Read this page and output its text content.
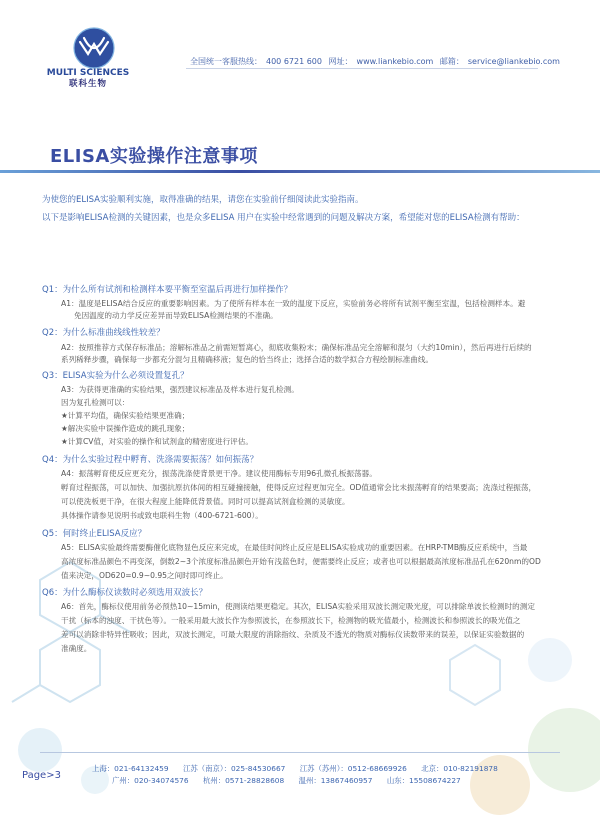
MULTI SCIENCES
联科生物
全国统一客服热线： 400 6721 600 网址： www.liankebio.com 邮箱： service@liankebio.com
ELISA实验操作注意事项
为使您的ELISA实验顺利实施，取得准确的结果，请您在实验前仔细阅读此实验指南。
以下是影响ELISA检测的关键因素，也是众多ELISA 用户在实验中经常遇到的问题及解决方案，希望能对您的ELISA检测有帮助：
Q1：为什么所有试剂和检测样本要平衡至室温后再进行加样操作？
A1：温度是ELISA结合反应的重要影响因素。为了使所有样本在一致的温度下反应，实验前务必将所有试剂平衡至室温，包括检测样本。避
免因温度的动力学反应差异而导致ELISA检测结果的不准确。
Q2：为什么标准曲线线性较差？
A2：按照推荐方式保存标准品；溶解标准品之前需短暂离心，彻底收集粉末；确保标准品完全溶解和混匀（大约10min），然后再进行后续的
系列稀释步骤，确保每一步都充分混匀且精确移液；复色的恰当终止；选择合适的数学拟合方程绘制标准曲线。
Q3：ELISA实验为什么必须设置复孔？
A3：为获得更准确的实验结果，强烈建议标准品及样本进行复孔检测。
因为复孔检测可以：
★计算平均值，确保实验结果更准确；
★解决实验中误操作造成的跳孔现象；
★计算CV值，对实验的操作和试剂盒的精密度进行评估。
Q4：为什么实验过程中孵育、洗涤需要振荡？如何振荡？
A4：振荡孵育使反应更充分，振荡洗涤使背景更干净。建议使用酶标专用96孔微孔板振荡器。
孵育过程振荡，可以加快、加强抗原抗体间的相互碰撞接触，使得反应过程更加完全。OD值通常会比未振荡孵育的结果要高；洗涤过程振荡，
可以使洗板更干净，在很大程度上能降低背景值。同时可以提高试剂盒检测的灵敏度。
具体操作请参见说明书或致电联科生物（400-6721-600）。
Q5：何时终止ELISA反应？
A5：ELISA实验最终需要酶催化底物显色反应来完成，在最佳时间终止反应是ELISA实验成功的重要因素。在HRP-TMB酶反应系统中，当最
高浓度标准品颜色不再变深，倒数2~3个浓度标准品颜色开始有浅蓝色时，便需要终止反应；或者也可以根据最高浓度标准品孔在620nm的OD
值来决定，OD620=0.9~0.95之间时即可终止。
Q6：为什么酶标仪读数时必须选用双波长？
A6：首先，酶标仪使用前务必预热10~15min，使测读结果更稳定。其次，ELISA实验采用双波长测定吸光度，可以排除单波长检测时的测定
干扰（标本的浊度、干扰色等）。一般采用最大波长作为参照波长，在参照波长下，检测物的吸光值最小，检测波长和参照波长的吸光值之
差可以消除非特异性吸收；因此，双波长测定，可最大限度的消除指纹、杂质及不透光的物质对酶标仪读数带来的误差，以保证实验数据的
准确度。
Page>3
上海：021-64132459 江苏（南京）：025-84530667 江苏（苏州）：0512-68669926 北京：010-82191878
广州：020-34074576 杭州：0571-28828608 温州：13867460957 山东：15508674227
